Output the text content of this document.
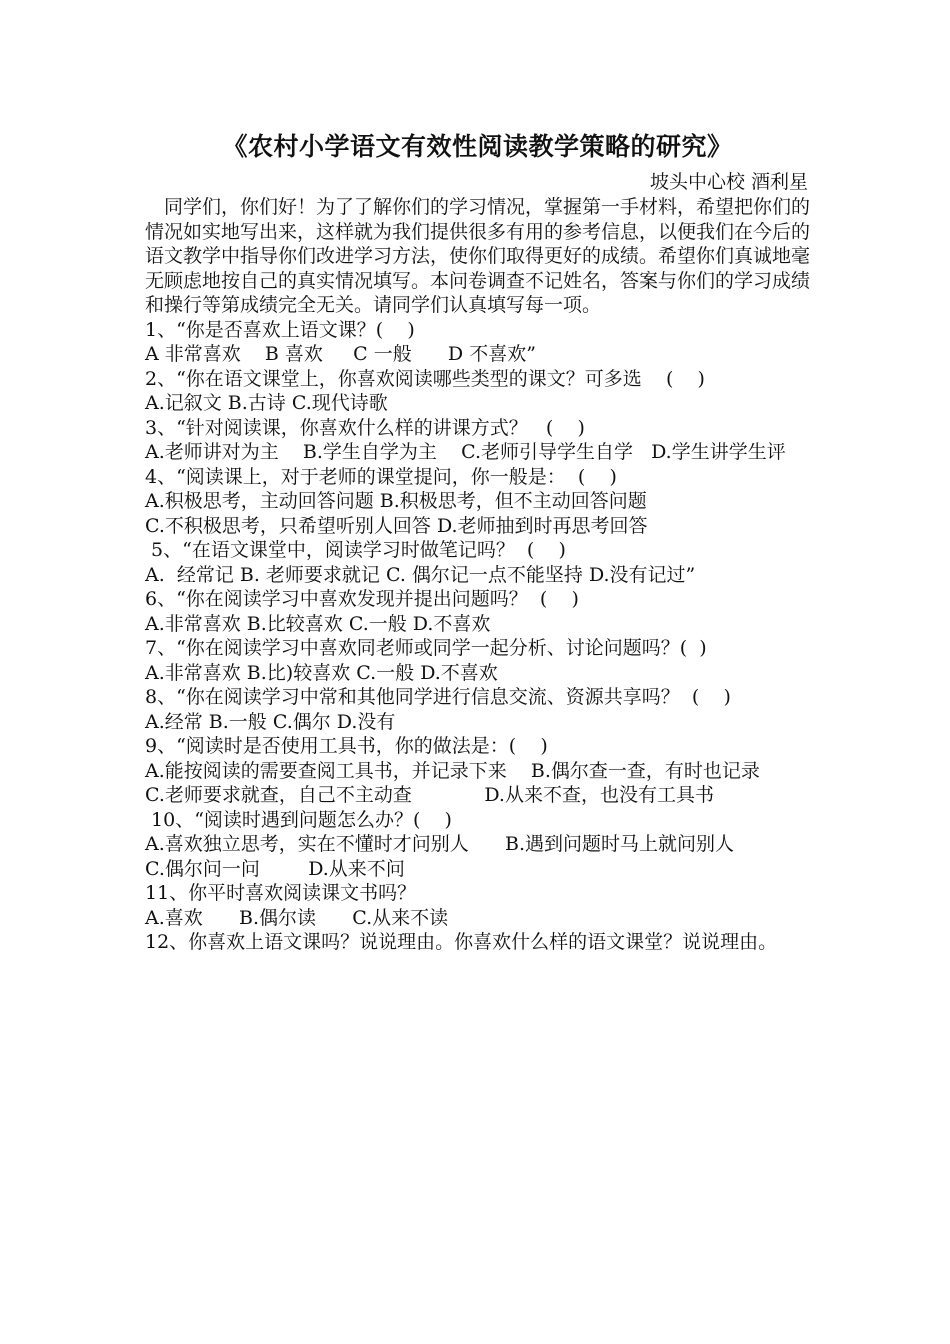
《农村小学语文有效性阅读教学策略的研究》

坡头中心校 酒利星

同学们，你们好！为了了解你们的学习情况，掌握第一手材料，希望把你们的情况如实地写出来，这样就为我们提供很多有用的参考信息，以便我们在今后的语文教学中指导你们改进学习方法，使你们取得更好的成绩。希望你们真诚地毫无顾虑地按自己的真实情况填写。本问卷调查不记姓名，答案与你们的学习成绩和操行等第成绩完全无关。请同学们认真填写每一项。

1、“你是否喜欢上语文课？(    )

A 非常喜欢    B 喜欢     C 一般      D 不喜欢”

2、“你在语文课堂上，你喜欢阅读哪些类型的课文？可多选    (    )

A.记叙文 B.古诗 C.现代诗歌

3、“针对阅读课，你喜欢什么样的讲课方式？   (    )

A.老师讲对为主    B.学生自学为主    C.老师引导学生自学   D.学生讲学生评

4、“阅读课上，对于老师的课堂提问，你一般是：  (    )

A.积极思考，主动回答问题 B.积极思考，但不主动回答问题

C.不积极思考，只希望听别人回答 D.老师抽到时再思考回答

5、“在语文课堂中，阅读学习时做笔记吗？  (    )

A.  经常记 B. 老师要求就记 C. 偶尔记一点不能坚持 D.没有记过”

6、“你在阅读学习中喜欢发现并提出问题吗？  (    )

A.非常喜欢 B.比较喜欢 C.一般 D.不喜欢

7、“你在阅读学习中喜欢同老师或同学一起分析、讨论问题吗？(  )

A.非常喜欢 B.比)较喜欢 C.一般 D.不喜欢

8、“你在阅读学习中常和其他同学进行信息交流、资源共享吗？  (    )

A.经常 B.一般 C.偶尔 D.没有

9、“阅读时是否使用工具书，你的做法是：(    )

A.能按阅读的需要查阅工具书，并记录下来    B.偶尔查一查，有时也记录

C.老师要求就查，自己不主动查            D.从来不查，也没有工具书

10、“阅读时遇到问题怎么办？(    )

A.喜欢独立思考，实在不懂时才问别人      B.遇到问题时马上就问别人

C.偶尔问一问        D.从来不问

11、你平时喜欢阅读课文书吗？

A.喜欢      B.偶尔读      C.从来不读

12、你喜欢上语文课吗？说说理由。你喜欢什么样的语文课堂？说说理由。
